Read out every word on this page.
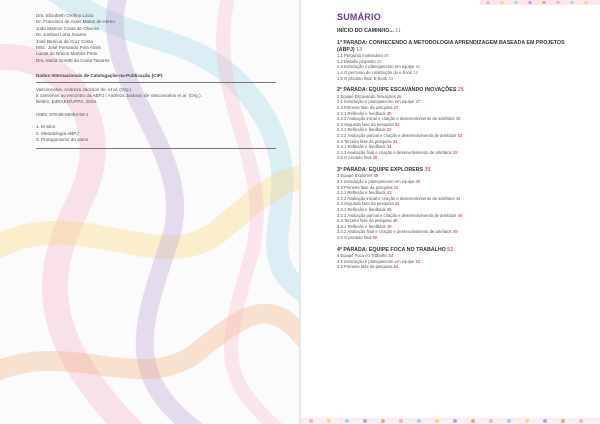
Dra. Elizabeth Orofino Lúcio
Dr. Francisco de Assis Matos de Abreu
João Marcos Costa de Oliveira
Dr. Joelson Lima Soares
José Benício da Cruz Costa
MSc. José Fernando Pina Assis
Lucas do Nôvoa Martins Pinto
Dra. Maria Goretti da Costa Tavares
Dados Internacionais de Catalogação-na-Publicação (CIP)
Vasconcelos, Andreza Jackson de. et al. (Org.)
5 caminhos ao encontro da ABPJ / Andreza Jackson de Vasconcelos et al. (Org.).
Belém: EdRAED/UFPA, 2018.
ISBN: 978-85-65054-59-1
1. Ensino
2. Metodologia ABPJ
3. Protagonismo do aluno
SUMÁRIO
INÍCIO DO CAMINHO... 11
1ª PARADA: CONHECENDO A METODOLOGIA APRENDIZAGEM BASEADA EM PROJETOS (ABPJ) 13
1.1 Pergunta motivadora 20
1.2 Desafio proposto 20
1.3 Introdução e planejamento em equipe 21
1.4 O percurso de construção do e-book 23
1.5 O produto final: E-book 23
2ª PARADA: EQUIPE ESCAVANDO INOVAÇÕES 25
2 Equipe Escavando Inovações 26
2.1 Introdução e planejamento em equipe 27
2.2 Primeira fase da pesquisa 27
2.2.1 Reflexão e feedback 30
2.2.2 Avaliação inicial e criação e desenvolvimento de artefatos 30
2.3 Segunda fase da pesquisa 32
2.3.1 Reflexão e feedback 32
2.3.2 Avaliação parcial e criação e desenvolvimento de artefatos 33
2.4 Terceira fase da pesquisa 34
2.4.1 Reflexão e feedback 34
2.4.2 Avaliação final e criação e desenvolvimento de artefatos 35
2.5 O produto final 38
3ª PARADA: EQUIPE EXPLORERS 39
3 Equipe Explorers 40
3.1 Introdução e planejamento em equipe 40
3.2 Primeira fase da pesquisa 41
3.2.1 Reflexão e feedback 43
3.2.2 Avaliação inicial e criação e desenvolvimento de artefatos 44
3.3 Segunda fase da pesquisa 44
3.3.1 Reflexão e feedback 46
3.3.2 Avaliação parcial e criação e desenvolvimento de artefatos 46
3.4 Terceira fase da pesquisa 48
3.4.1 Reflexão e feedback 49
3.4.2 Avaliação final e criação e desenvolvimento de artefatos 49
3.5 O produto final 50
4ª PARADA: EQUIPE FOCA NO TRABALHO 52
4 Equipe Foca no Trabalho 53
4.1 Introdução e planejamento em equipe 53
4.2 Primeira fase da pesquisa 54
